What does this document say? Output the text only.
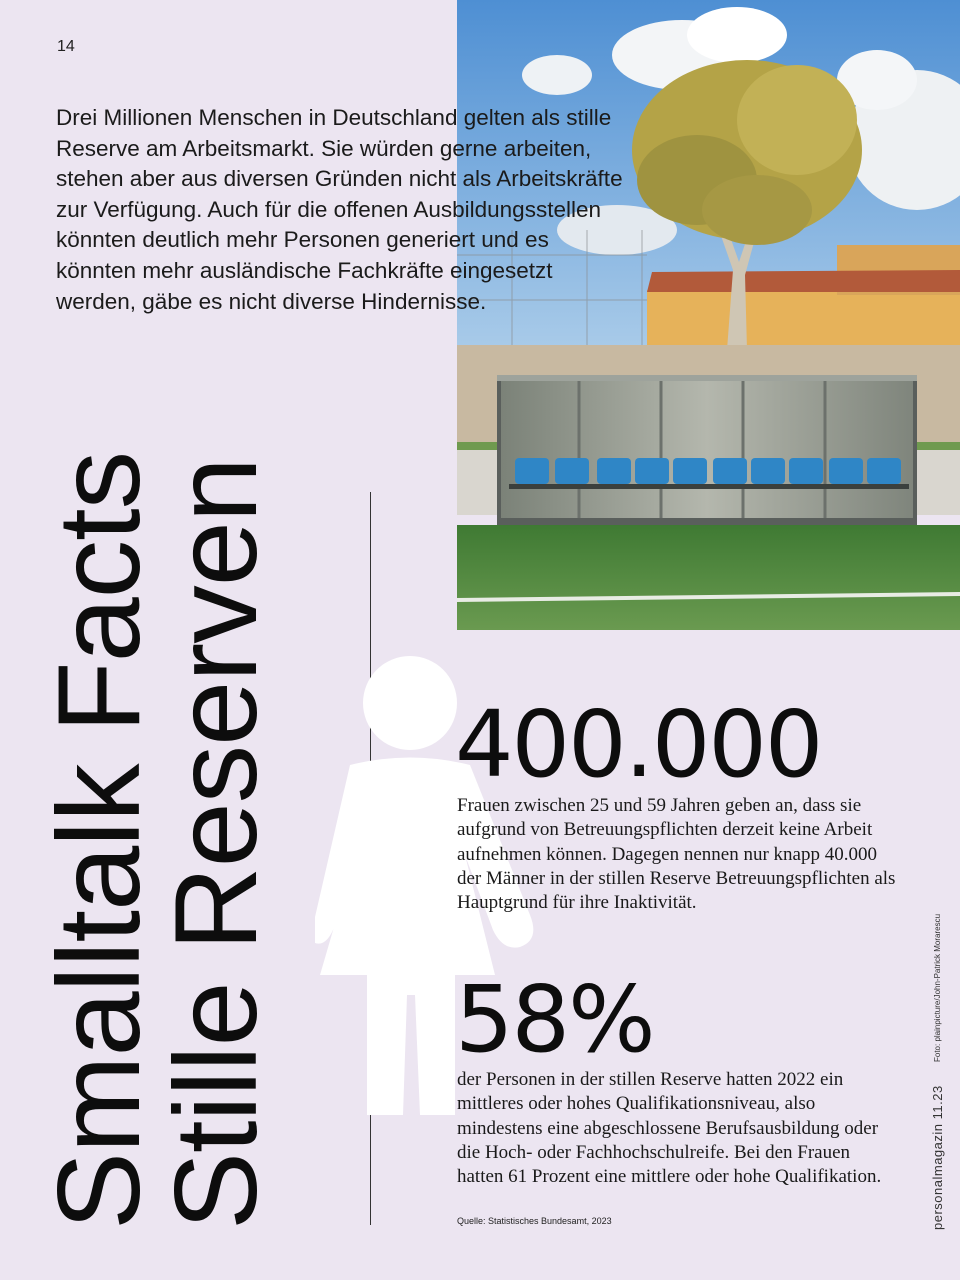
14

Drei Millionen Menschen in Deutschland gelten als stille Reserve am Arbeitsmarkt. Sie würden gerne arbeiten, stehen aber aus diversen Gründen nicht als Arbeitskräfte zur Verfügung. Auch für die offenen Ausbildungsstellen könnten deutlich mehr Personen generiert und es könnten mehr ausländische Fachkräfte eingesetzt werden, gäbe es nicht diverse Hindernisse.

Smalltalk Facts
Stille Reserven 400.000

Frauen zwischen 25 und 59 Jahren geben an, dass sie aufgrund von Betreuungspflichten derzeit keine Arbeit aufnehmen können. Dagegen nennen nur knapp 40.000 der Männer in der stillen Reserve Betreuungspflichten als Hauptgrund für ihre Inaktivität.

58%

der Personen in der stillen Reserve hatten 2022 ein mittleres oder hohes Qualifikationsniveau, also mindestens eine abgeschlossene Berufsausbildung oder die Hoch- oder Fachhochschulreife. Bei den Frauen hatten 61 Prozent eine mittlere oder hohe Qualifikation.

Quelle: Statistisches Bundesamt, 2023	personalmagazin 11.23
Foto: plainpicture/John-Patrick Morarescu
